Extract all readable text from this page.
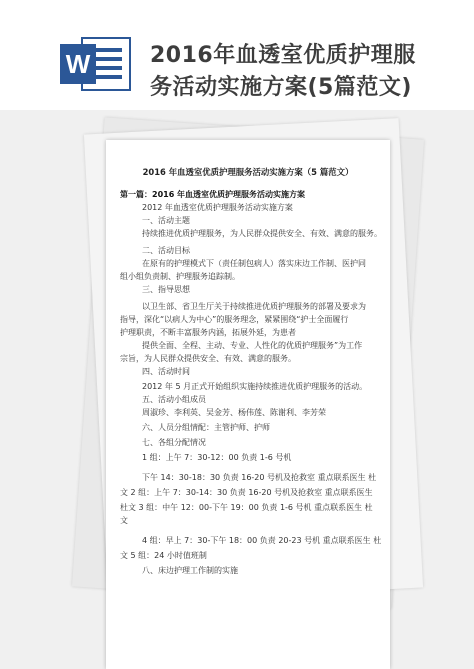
W	2016年血透室优质护理服
务活动实施方案(5篇范文)
2016 年血透室优质护理服务活动实施方案（5 篇范文）
第一篇：2016 年血透室优质护理服务活动实施方案
2012 年血透室优质护理服务活动实施方案
一、活动主题
持续推进优质护理服务，为人民群众提供安全、有效、满意的服务。
二、活动目标
在原有的护理模式下（责任制包病人）落实床边工作制、医护同
组小组负责制、护理服务追踪制。
三、指导思想
以卫生部、省卫生厅关于持续推进优质护理服务的部署及要求为
指导，深化“以病人为中心”的服务理念，紧紧围绕“护士全面履行
护理职责，不断丰富服务内涵，拓展外延，为患者
提供全面、全程、主动、专业、人性化的优质护理服务”为工作
宗旨，为人民群众提供安全、有效、满意的服务。
四、活动时间
2012 年 5 月正式开始组织实施持续推进优质护理服务的活动。
五、活动小组成员
周淑珍、李利英、吴金芳、杨伟莲、陈谢利、李芳荣
六、人员分组情配：主管护师、护师
七、各组分配情况
1 组：上午 7：30-12：00 负责 1-6 号机
下午 14：30-18：30 负责 16-20 号机及抢救室 重点联系医生 杜
文 2 组：上午 7：30-14：30 负责 16-20 号机及抢救室 重点联系医生
杜文 3 组：中午 12：00-下午 19：00 负责 1-6 号机 重点联系医生 杜
文
4 组：早上 7：30-下午 18：00 负责 20-23 号机 重点联系医生 杜
文 5 组：24 小时值班制
八、床边护理工作制的实施
